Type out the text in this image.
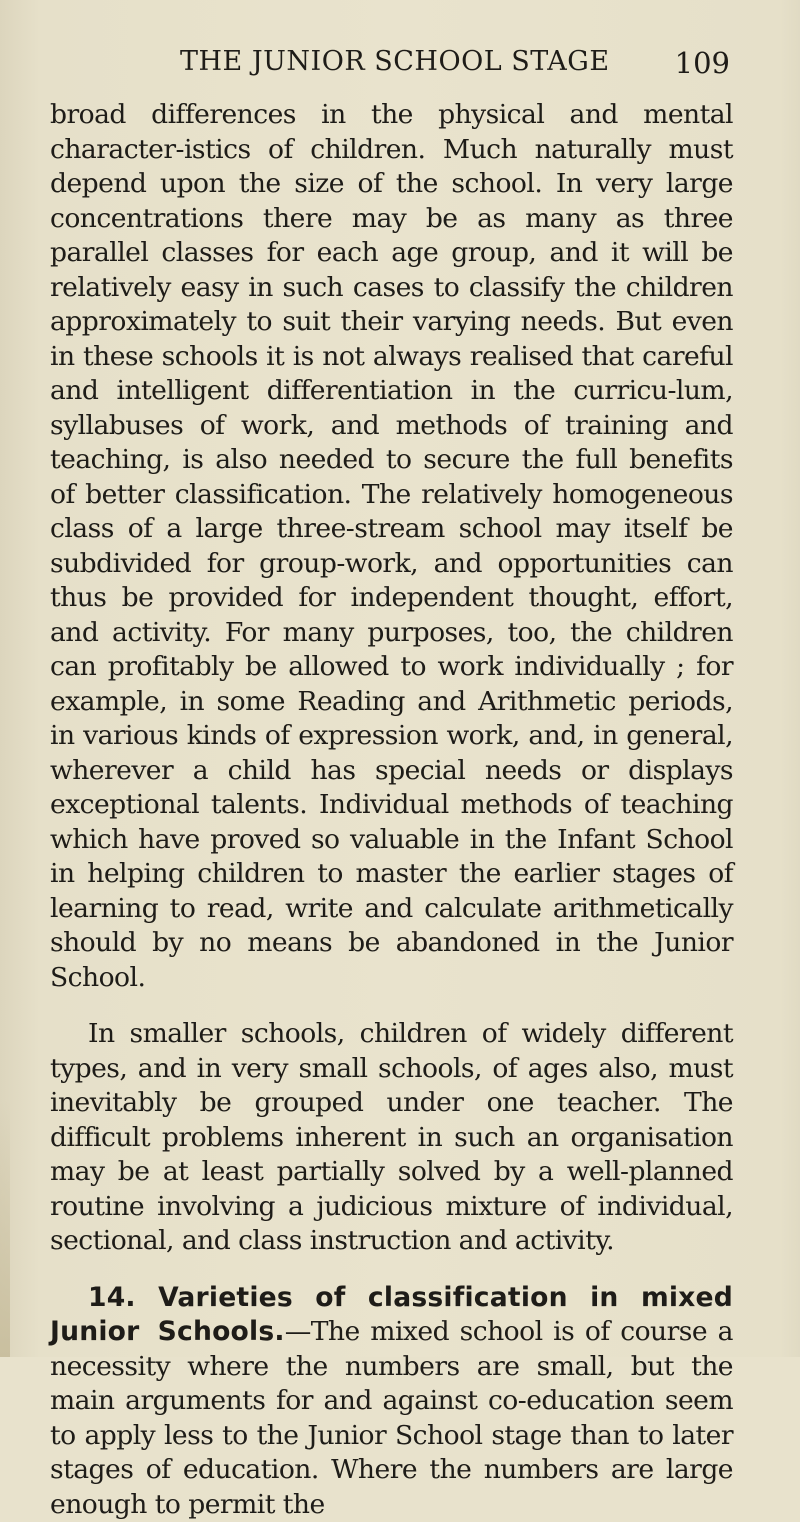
THE JUNIOR SCHOOL STAGE 109

broad differences in the physical and mental character-istics of children. Much naturally must depend upon the size of the school. In very large concentrations there may be as many as three parallel classes for each age group, and it will be relatively easy in such cases to classify the children approximately to suit their varying needs. But even in these schools it is not always realised that careful and intelligent differentiation in the curricu-lum, syllabuses of work, and methods of training and teaching, is also needed to secure the full benefits of better classification. The relatively homogeneous class of a large three-stream school may itself be subdivided for group-work, and opportunities can thus be provided for independent thought, effort, and activity. For many purposes, too, the children can profitably be allowed to work individually ; for example, in some Reading and Arithmetic periods, in various kinds of expression work, and, in general, wherever a child has special needs or displays exceptional talents. Individual methods of teaching which have proved so valuable in the Infant School in helping children to master the earlier stages of learning to read, write and calculate arithmetically should by no means be abandoned in the Junior School.

In smaller schools, children of widely different types, and in very small schools, of ages also, must inevitably be grouped under one teacher. The difficult problems inherent in such an organisation may be at least partially solved by a well-planned routine involving a judicious mixture of individual, sectional, and class instruction and activity.

14. Varieties of classification in mixed Junior Schools.—The mixed school is of course a necessity where the numbers are small, but the main arguments for and against co-education seem to apply less to the Junior School stage than to later stages of education. Where the numbers are large enough to permit the
